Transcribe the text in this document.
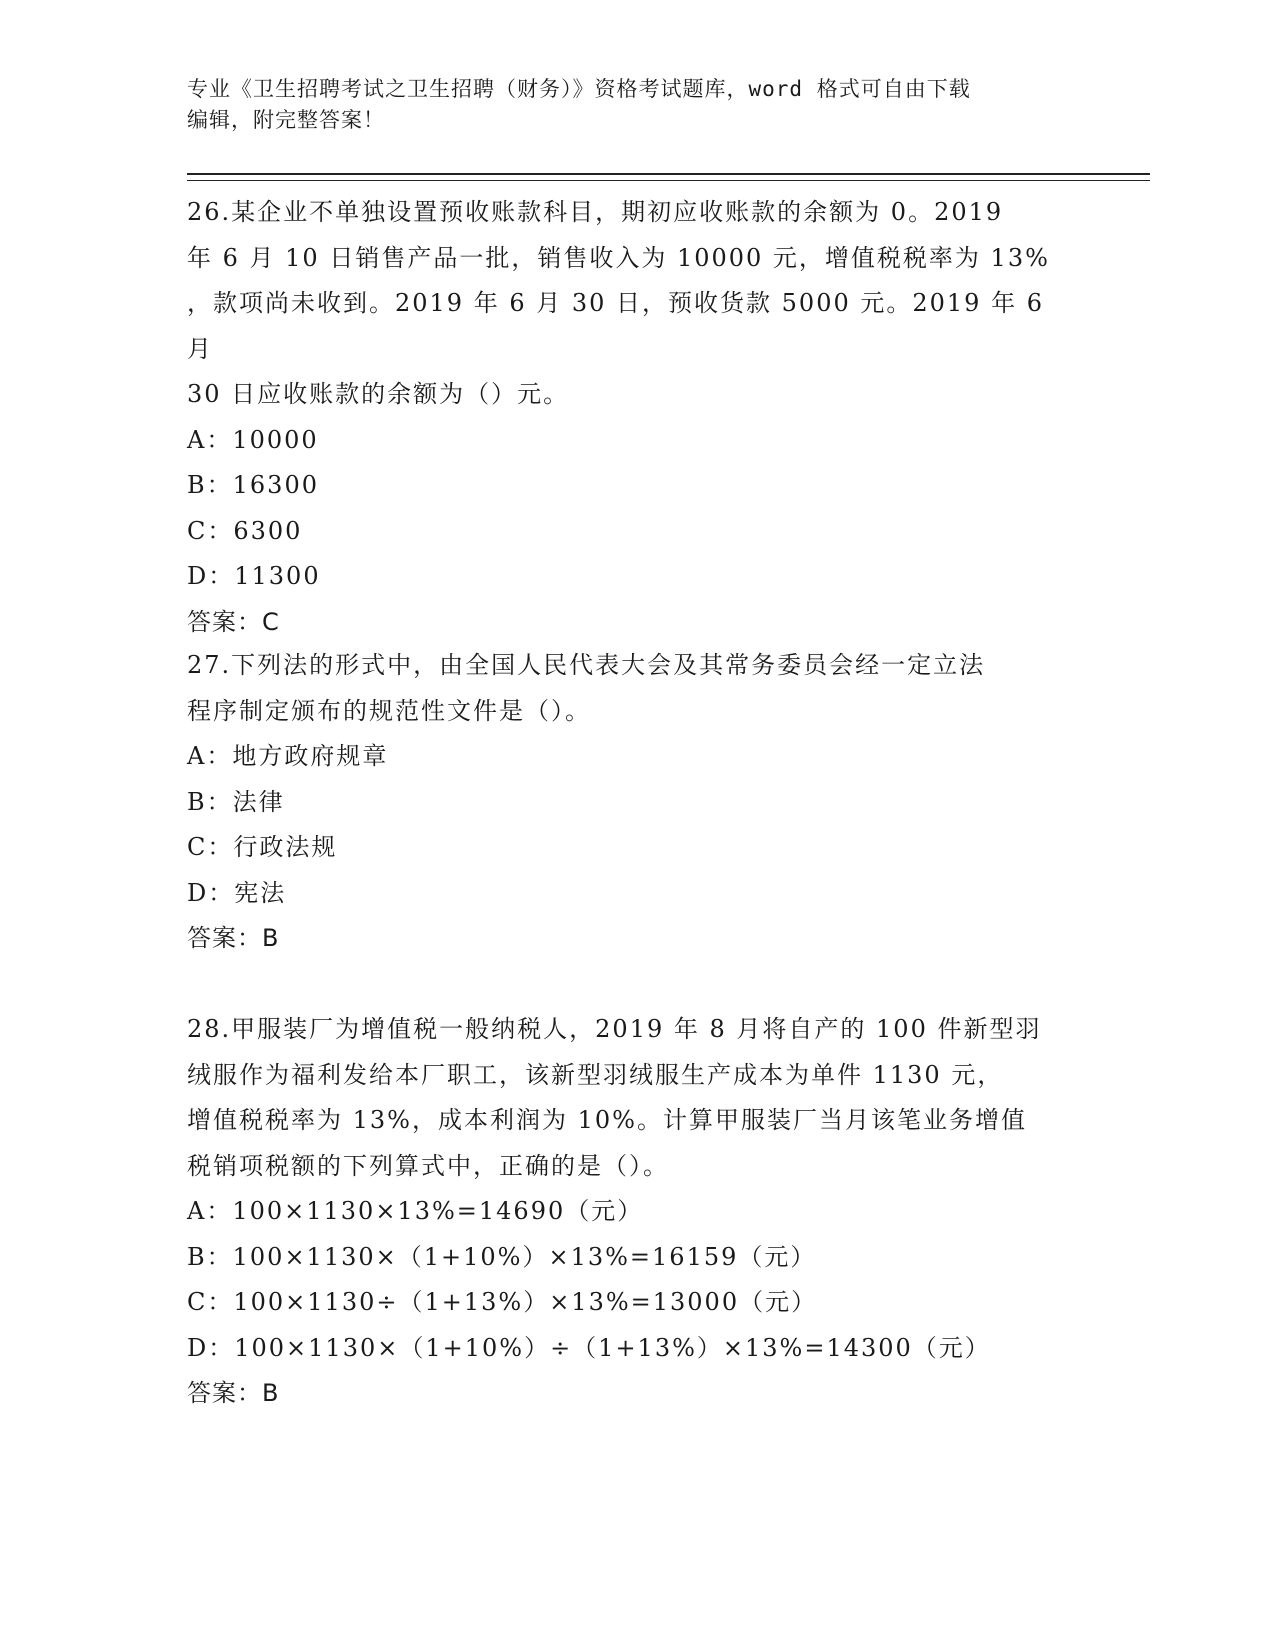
专业《卫生招聘考试之卫生招聘（财务）》资格考试题库，word 格式可自由下载
编辑，附完整答案！
26.某企业不单独设置预收账款科目，期初应收账款的余额为 0。2019
年 6 月 10 日销售产品一批，销售收入为 10000 元，增值税税率为 13%
，款项尚未收到。2019 年 6 月 30 日，预收货款 5000 元。2019 年 6 月
30 日应收账款的余额为（）元。
A：10000
B：16300
C：6300
D：11300
答案：C
27.下列法的形式中，由全国人民代表大会及其常务委员会经一定立法
程序制定颁布的规范性文件是（）。
A：地方政府规章
B：法律
C：行政法规
D：宪法
答案：B
28.甲服装厂为增值税一般纳税人，2019 年 8 月将自产的 100 件新型羽
绒服作为福利发给本厂职工，该新型羽绒服生产成本为单件 1130 元，
增值税税率为 13%，成本利润为 10%。计算甲服装厂当月该笔业务增值
税销项税额的下列算式中，正确的是（）。
A：100×1130×13%=14690（元）
B：100×1130×（1+10%）×13%=16159（元）
C：100×1130÷（1+13%）×13%=13000（元）
D：100×1130×（1+10%）÷（1+13%）×13%=14300（元）
答案：B
